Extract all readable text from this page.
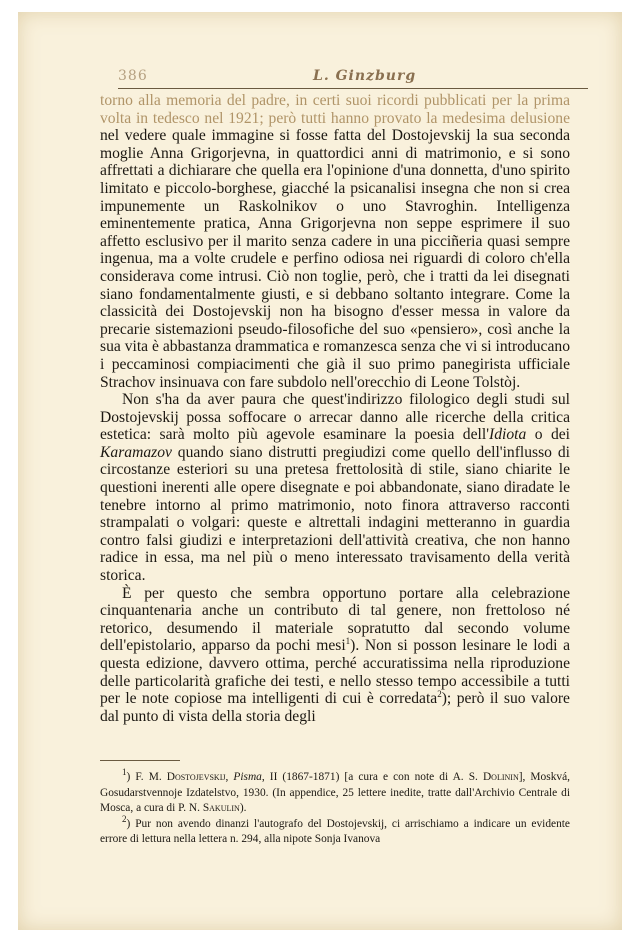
386	L. Ginzburg

torno alla memoria del padre, in certi suoi ricordi pubblicati per la prima volta in tedesco nel 1921; però tutti hanno provato la medesima delusione nel vedere quale immagine si fosse fatta del Dostojevskij la sua seconda moglie Anna Grigorjevna, in quattordici anni di matrimonio, e si sono affrettati a dichiarare che quella era l'opinione d'una donnetta, d'uno spirito limitato e piccolo-borghese, giacché la psicanalisi insegna che non si crea impunemente un Raskolnikov o uno Stavroghin. Intelligenza eminentemente pratica, Anna Grigorjevna non seppe esprimere il suo affetto esclusivo per il marito senza cadere in una picciñeria quasi sempre ingenua, ma a volte crudele e perfino odiosa nei riguardi di coloro ch'ella considerava come intrusi. Ciò non toglie, però, che i tratti da lei disegnati siano fondamentalmente giusti, e si debbano soltanto integrare. Come la classicità dei Dostojevskij non ha bisogno d'esser messa in valore da precarie sistemazioni pseudo-filosofiche del suo «pensiero», così anche la sua vita è abbastanza drammatica e romanzesca senza che vi si introducano i peccaminosi compiacimenti che già il suo primo panegirista ufficiale Strachov insinuava con fare subdolo nell'orecchio di Leone Tolstòj.

Non s'ha da aver paura che quest'indirizzo filologico degli studi sul Dostojevskij possa soffocare o arrecar danno alle ricerche della critica estetica: sarà molto più agevole esaminare la poesia dell'Idiota o dei Karamazov quando siano distrutti pregiudizi come quello dell'influsso di circostanze esteriori su una pretesa frettolosità di stile, siano chiarite le questioni inerenti alle opere disegnate e poi abbandonate, siano diradate le tenebre intorno al primo matrimonio, noto finora attraverso racconti strampalati o volgari: queste e altrettali indagini metteranno in guardia contro falsi giudizi e interpretazioni dell'attività creativa, che non hanno radice in essa, ma nel più o meno interessato travisamento della verità storica.

È per questo che sembra opportuno portare alla celebrazione cinquantenaria anche un contributo di tal genere, non frettoloso né retorico, desumendo il materiale sopratutto dal secondo volume dell'epistolario, apparso da pochi mesi$^1$). Non si posson lesinare le lodi a questa edizione, davvero ottima, perché accuratissima nella riproduzione delle particolarità grafiche dei testi, e nello stesso tempo accessibile a tutti per le note copiose ma intelligenti di cui è corredata$^2$); però il suo valore dal punto di vista della storia degli

$^1$) F. M. Dostojevskij, Pisma, II (1867-1871) [a cura e con note di A. S. Dolinin], Moskvá, Gosudarstvennoje Izdatelstvo, 1930. (In appendice, 25 lettere inedite, tratte dall'Archivio Centrale di Mosca, a cura di P. N. Sakulin).

$^2$) Pur non avendo dinanzi l'autografo del Dostojevskij, ci arrischiamo a indicare un evidente errore di lettura nella lettera n. 294, alla nipote Sonja Ivanova
